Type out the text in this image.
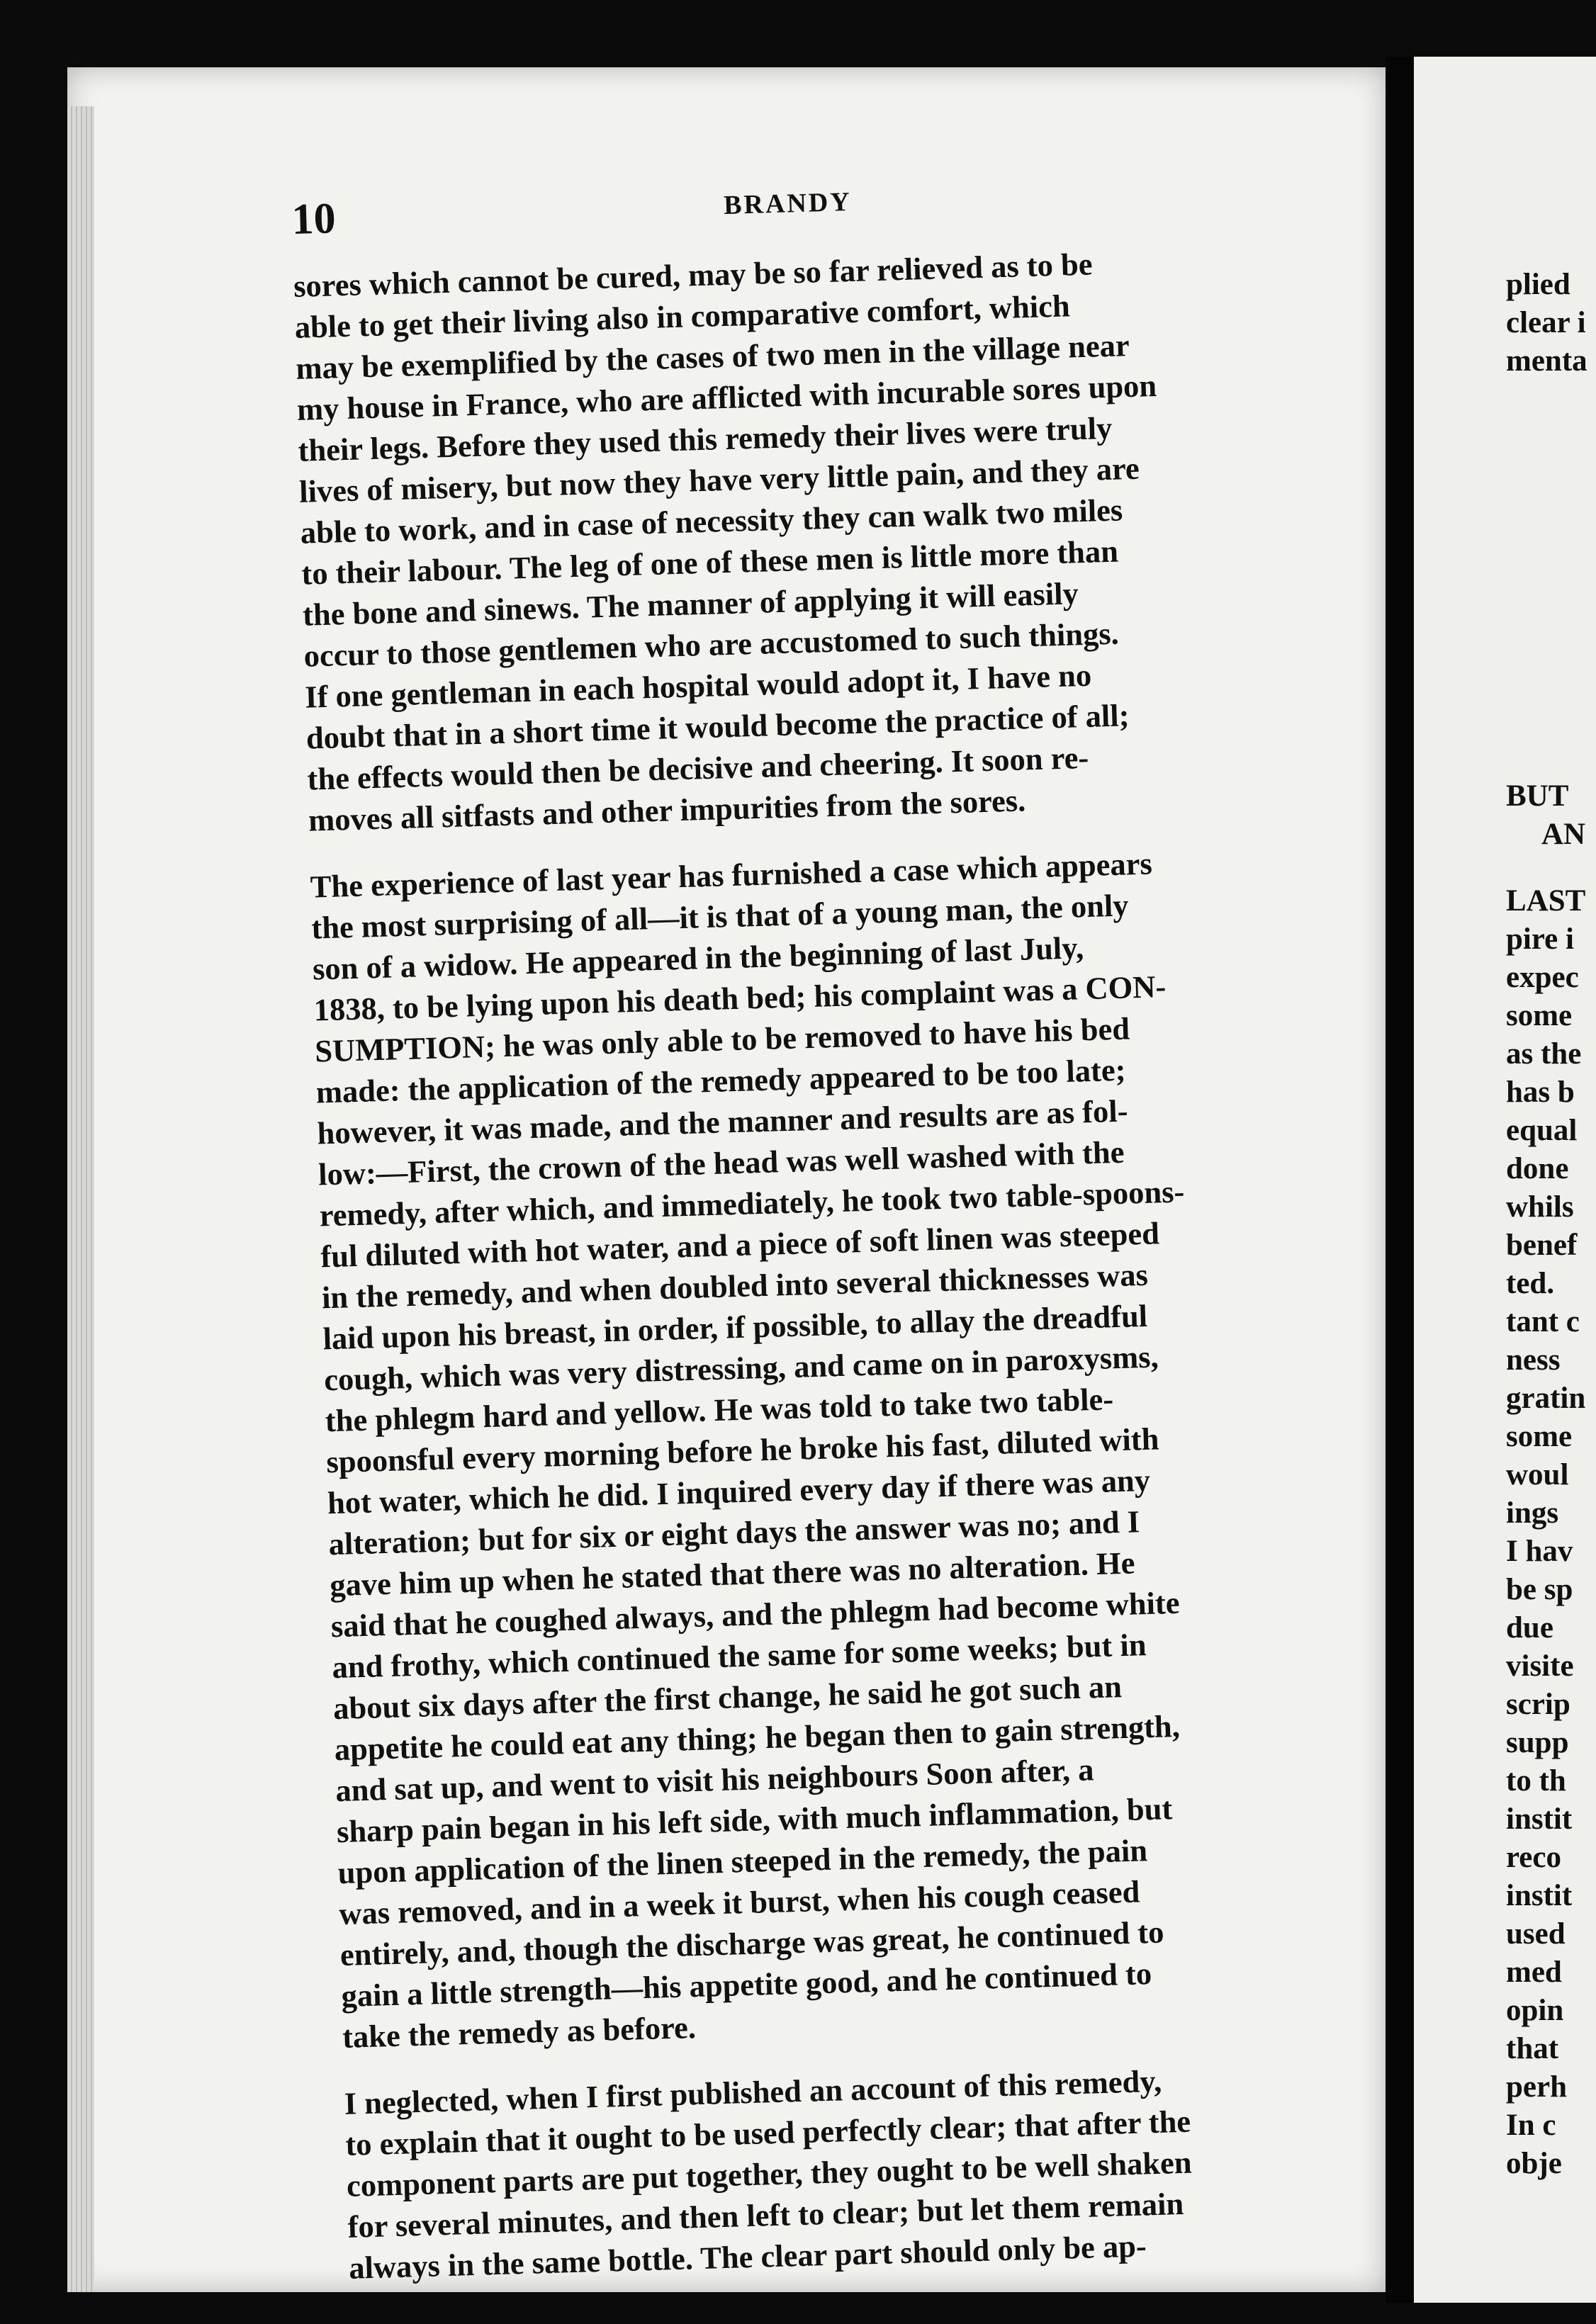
10	BRANDY

sores which cannot be cured, may be so far relieved as to be
able to get their living also in comparative comfort, which
may be exemplified by the cases of two men in the village near
my house in France, who are afflicted with incurable sores upon
their legs. Before they used this remedy their lives were truly
lives of misery, but now they have very little pain, and they are
able to work, and in case of necessity they can walk two miles
to their labour. The leg of one of these men is little more than
the bone and sinews. The manner of applying it will easily
occur to those gentlemen who are accustomed to such things.
If one gentleman in each hospital would adopt it, I have no
doubt that in a short time it would become the practice of all;
the effects would then be decisive and cheering. It soon re-
moves all sitfasts and other impurities from the sores.

The experience of last year has furnished a case which appears
the most surprising of all—it is that of a young man, the only
son of a widow. He appeared in the beginning of last July,
1838, to be lying upon his death bed; his complaint was a CON-
SUMPTION; he was only able to be removed to have his bed
made: the application of the remedy appeared to be too late;
however, it was made, and the manner and results are as fol-
low:—First, the crown of the head was well washed with the
remedy, after which, and immediately, he took two table-spoons-
ful diluted with hot water, and a piece of soft linen was steeped
in the remedy, and when doubled into several thicknesses was
laid upon his breast, in order, if possible, to allay the dreadful
cough, which was very distressing, and came on in paroxysms,
the phlegm hard and yellow. He was told to take two table-
spoonsful every morning before he broke his fast, diluted with
hot water, which he did. I inquired every day if there was any
alteration; but for six or eight days the answer was no; and I
gave him up when he stated that there was no alteration. He
said that he coughed always, and the phlegm had become white
and frothy, which continued the same for some weeks; but in
about six days after the first change, he said he got such an
appetite he could eat any thing; he began then to gain strength,
and sat up, and went to visit his neighbours Soon after, a
sharp pain began in his left side, with much inflammation, but
upon application of the linen steeped in the remedy, the pain
was removed, and in a week it burst, when his cough ceased
entirely, and, though the discharge was great, he continued to
gain a little strength—his appetite good, and he continued to
take the remedy as before.

I neglected, when I first published an account of this remedy,
to explain that it ought to be used perfectly clear; that after the
component parts are put together, they ought to be well shaken
for several minutes, and then left to clear; but let them remain
always in the same bottle. The clear part should only be ap-

plied
clear i
menta
BUT
AN
LAST
pire i
expec
some
as the
has b
equal
done
whils
benef
ted.
tant c
ness
gratin
some
woul
ings
I hav
be sp
due
visite
scrip
supp
to th
instit
reco
instit
used
med
opin
that
perh
In c
obje
